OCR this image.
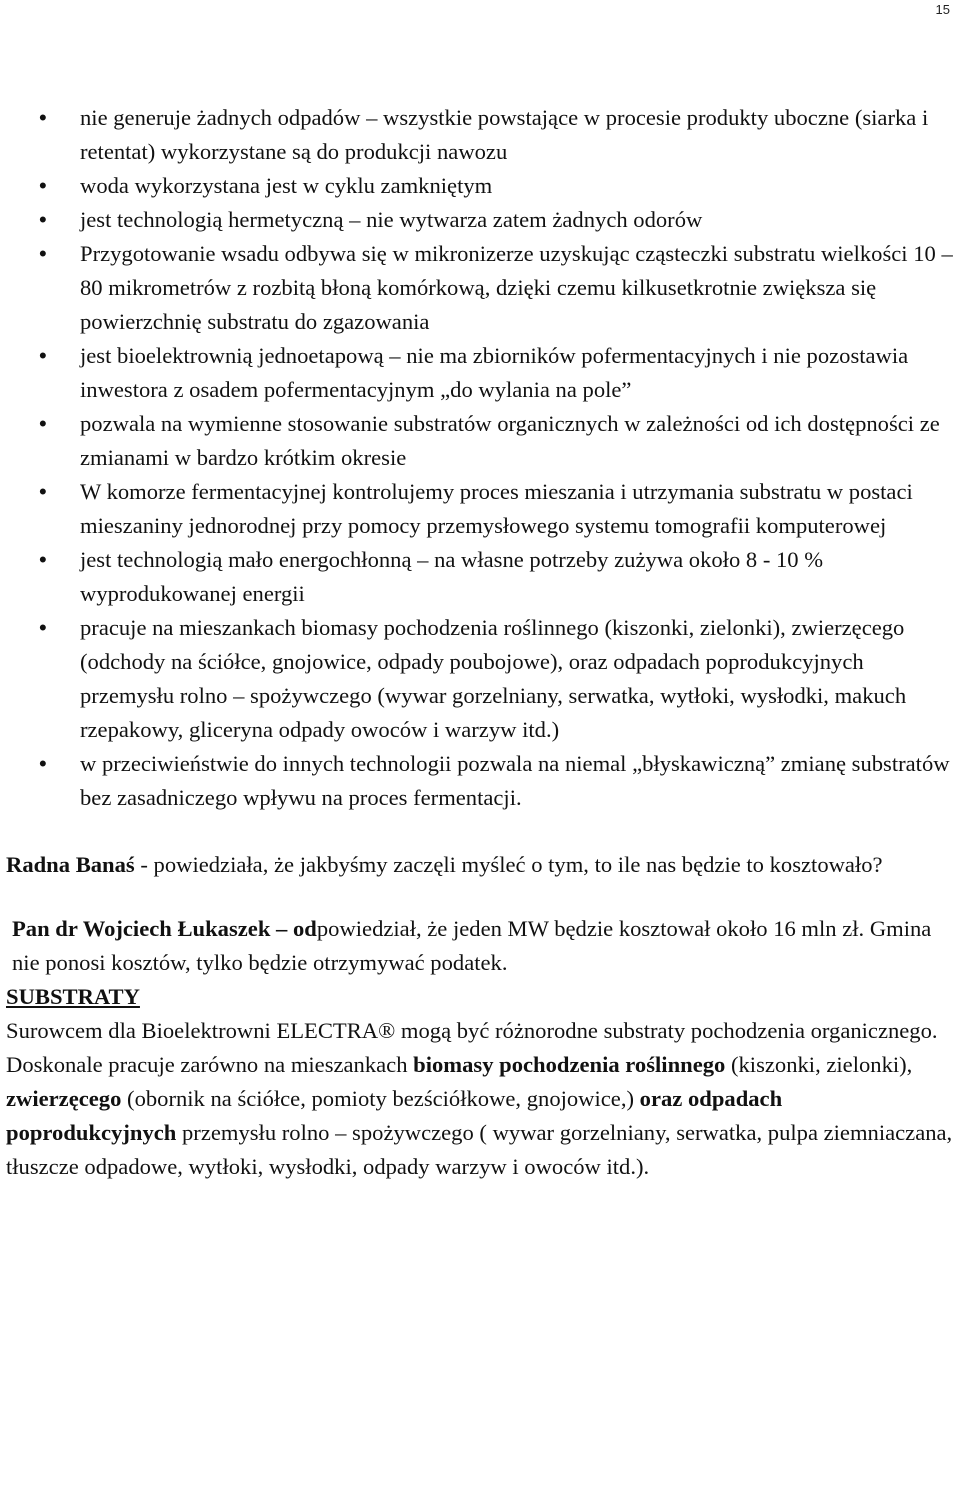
15
• nie generuje żadnych odpadów – wszystkie powstające w procesie produkty uboczne (siarka i retentat) wykorzystane są do produkcji nawozu
• woda wykorzystana jest w cyklu zamkniętym
• jest technologią hermetyczną – nie wytwarza zatem żadnych odorów
• Przygotowanie wsadu odbywa się w mikronizerze uzyskując cząsteczki substratu wielkości 10 – 80 mikrometrów z rozbitą błoną komórkową, dzięki czemu kilkusetkrotnie zwiększa się powierzchnię substratu do zgazowania
• jest bioelektrownią jednoetapową – nie ma zbiorników pofermentacyjnych i nie pozostawia inwestora z osadem pofermentacyjnym „do wylania na pole”
• pozwala na wymienne stosowanie substratów organicznych w zależności od ich dostępności ze zmianami w bardzo krótkim okresie
• W komorze fermentacyjnej kontrolujemy proces mieszania i utrzymania substratu w postaci mieszaniny jednorodnej przy pomocy przemysłowego systemu tomografii komputerowej
• jest technologią mało energochłonną – na własne potrzeby zużywa około 8 - 10 % wyprodukowanej energii
• pracuje na mieszankach biomasy pochodzenia roślinnego (kiszonki, zielonki), zwierzęcego (odchody na ściółce, gnojowice, odpady poubojowe), oraz odpadach poprodukcyjnych przemysłu rolno – spożywczego (wywar gorzelniany, serwatka, wytłoki, wysłodki, makuch rzepakowy, gliceryna odpady owoców i warzyw itd.)
• w przeciwieństwie do innych technologii pozwala na niemal „błyskawiczną” zmianę substratów bez zasadniczego wpływu na proces fermentacji.

Radna Banaś - powiedziała, że jakbyśmy zaczęli myśleć o tym, to ile nas będzie to kosztowało?

Pan dr Wojciech Łukaszek – odpowiedział, że jeden MW będzie kosztował około 16 mln zł. Gmina nie ponosi kosztów, tylko będzie otrzymywać podatek.

SUBSTRATY

Surowcem dla Bioelektrowni ELECTRA® mogą być różnorodne substraty pochodzenia organicznego. Doskonale pracuje zarówno na mieszankach biomasy pochodzenia roślinnego (kiszonki, zielonki), zwierzęcego (obornik na ściółce, pomioty bezściółkowe, gnojowice,) oraz odpadach poprodukcyjnych przemysłu rolno – spożywczego ( wywar gorzelniany, serwatka, pulpa ziemniaczana, tłuszcze odpadowe, wytłoki, wysłodki, odpady warzyw i owoców itd.).
